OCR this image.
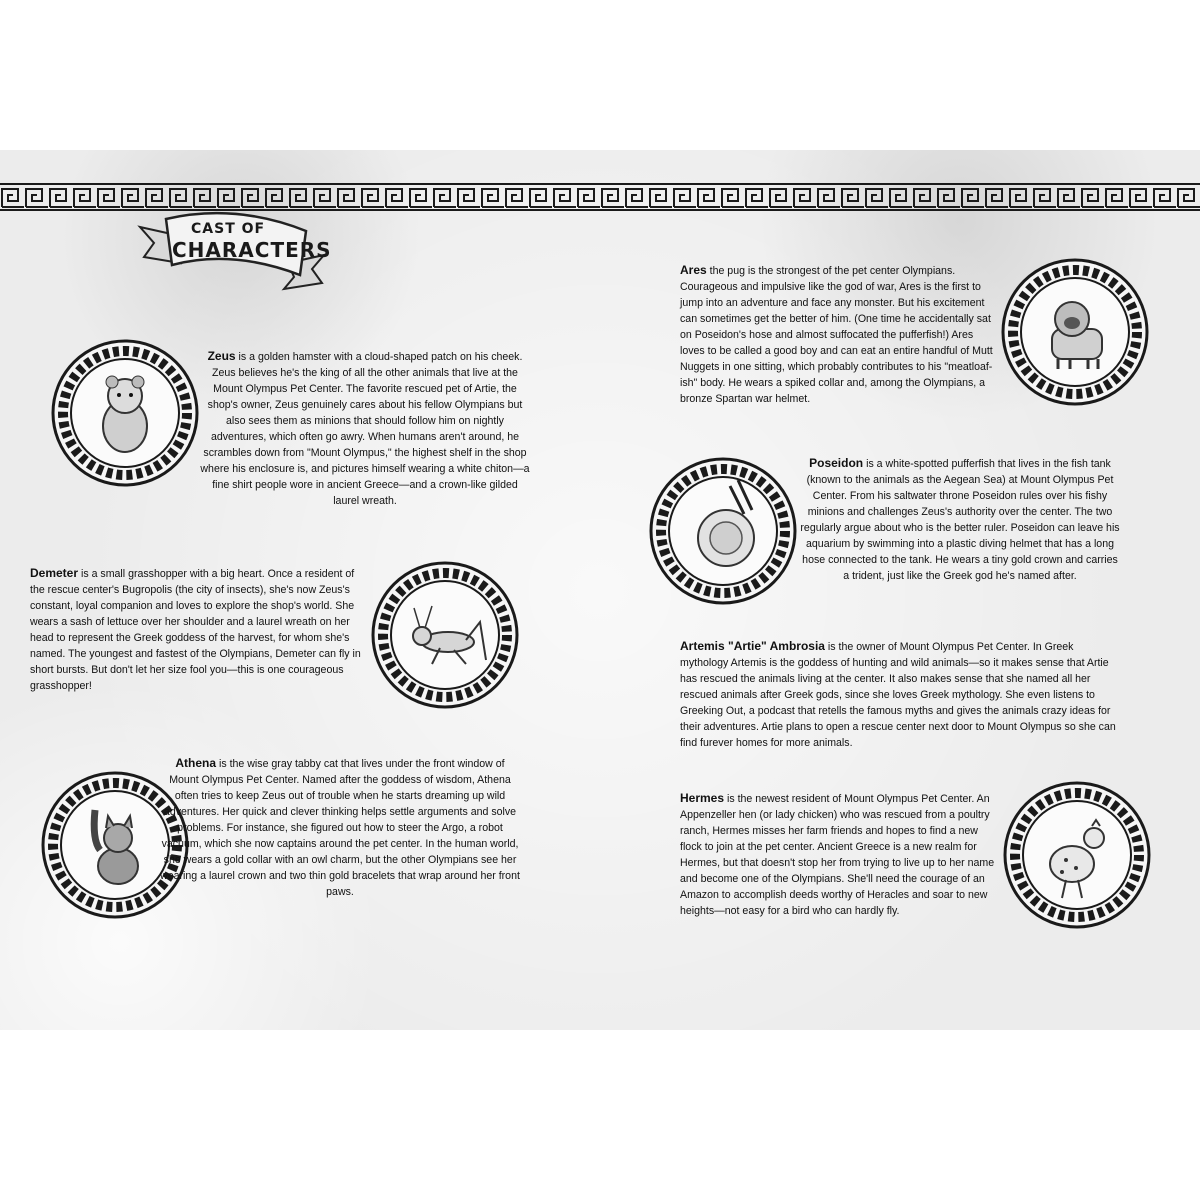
CAST OF
CHARACTERS

Zeus is a golden hamster with a cloud-shaped patch on his cheek. Zeus believes he's the king of all the other animals that live at the Mount Olympus Pet Center. The favorite rescued pet of Artie, the shop's owner, Zeus genuinely cares about his fellow Olympians but also sees them as minions that should follow him on nightly adventures, which often go awry. When humans aren't around, he scrambles down from "Mount Olympus," the highest shelf in the shop where his enclosure is, and pictures himself wearing a white chiton—a fine shirt people wore in ancient Greece—and a crown-like gilded laurel wreath.

Demeter is a small grasshopper with a big heart. Once a resident of the rescue center's Bugropolis (the city of insects), she's now Zeus's constant, loyal companion and loves to explore the shop's world. She wears a sash of lettuce over her shoulder and a laurel wreath on her head to represent the Greek goddess of the harvest, for whom she's named. The youngest and fastest of the Olympians, Demeter can fly in short bursts. But don't let her size fool you—this is one courageous grasshopper!

Athena is the wise gray tabby cat that lives under the front window of Mount Olympus Pet Center. Named after the goddess of wisdom, Athena often tries to keep Zeus out of trouble when he starts dreaming up wild adventures. Her quick and clever thinking helps settle arguments and solve problems. For instance, she figured out how to steer the Argo, a robot vacuum, which she now captains around the pet center. In the human world, she wears a gold collar with an owl charm, but the other Olympians see her wearing a laurel crown and two thin gold bracelets that wrap around her front paws.

Ares the pug is the strongest of the pet center Olympians. Courageous and impulsive like the god of war, Ares is the first to jump into an adventure and face any monster. But his excitement can sometimes get the better of him. (One time he accidentally sat on Poseidon's hose and almost suffocated the pufferfish!) Ares loves to be called a good boy and can eat an entire handful of Mutt Nuggets in one sitting, which probably contributes to his "meatloaf-ish" body. He wears a spiked collar and, among the Olympians, a bronze Spartan war helmet.

Poseidon is a white-spotted pufferfish that lives in the fish tank (known to the animals as the Aegean Sea) at Mount Olympus Pet Center. From his saltwater throne Poseidon rules over his fishy minions and challenges Zeus's authority over the center. The two regularly argue about who is the better ruler. Poseidon can leave his aquarium by swimming into a plastic diving helmet that has a long hose connected to the tank. He wears a tiny gold crown and carries a trident, just like the Greek god he's named after.

Artemis "Artie" Ambrosia is the owner of Mount Olympus Pet Center. In Greek mythology Artemis is the goddess of hunting and wild animals—so it makes sense that Artie has rescued the animals living at the center. It also makes sense that she named all her rescued animals after Greek gods, since she loves Greek mythology. She even listens to Greeking Out, a podcast that retells the famous myths and gives the animals crazy ideas for their adventures. Artie plans to open a rescue center next door to Mount Olympus so she can find furever homes for more animals.

Hermes is the newest resident of Mount Olympus Pet Center. An Appenzeller hen (or lady chicken) who was rescued from a poultry ranch, Hermes misses her farm friends and hopes to find a new flock to join at the pet center. Ancient Greece is a new realm for Hermes, but that doesn't stop her from trying to live up to her name and become one of the Olympians. She'll need the courage of an Amazon to accomplish deeds worthy of Heracles and soar to new heights—not easy for a bird who can hardly fly.
